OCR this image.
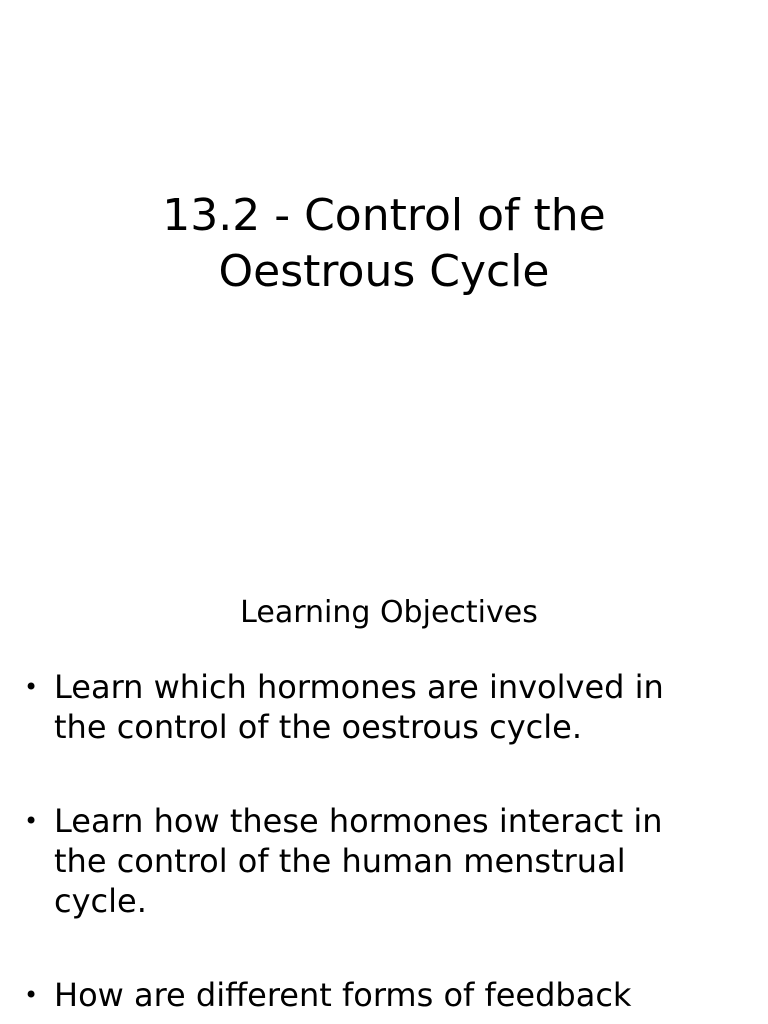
13.2 - Control of the
Oestrous Cycle
Learning Objectives
• Learn which hormones are involved in
the control of the oestrous cycle.
• Learn how these hormones interact in
the control of the human menstrual
cycle.
• How are different forms of feedback
